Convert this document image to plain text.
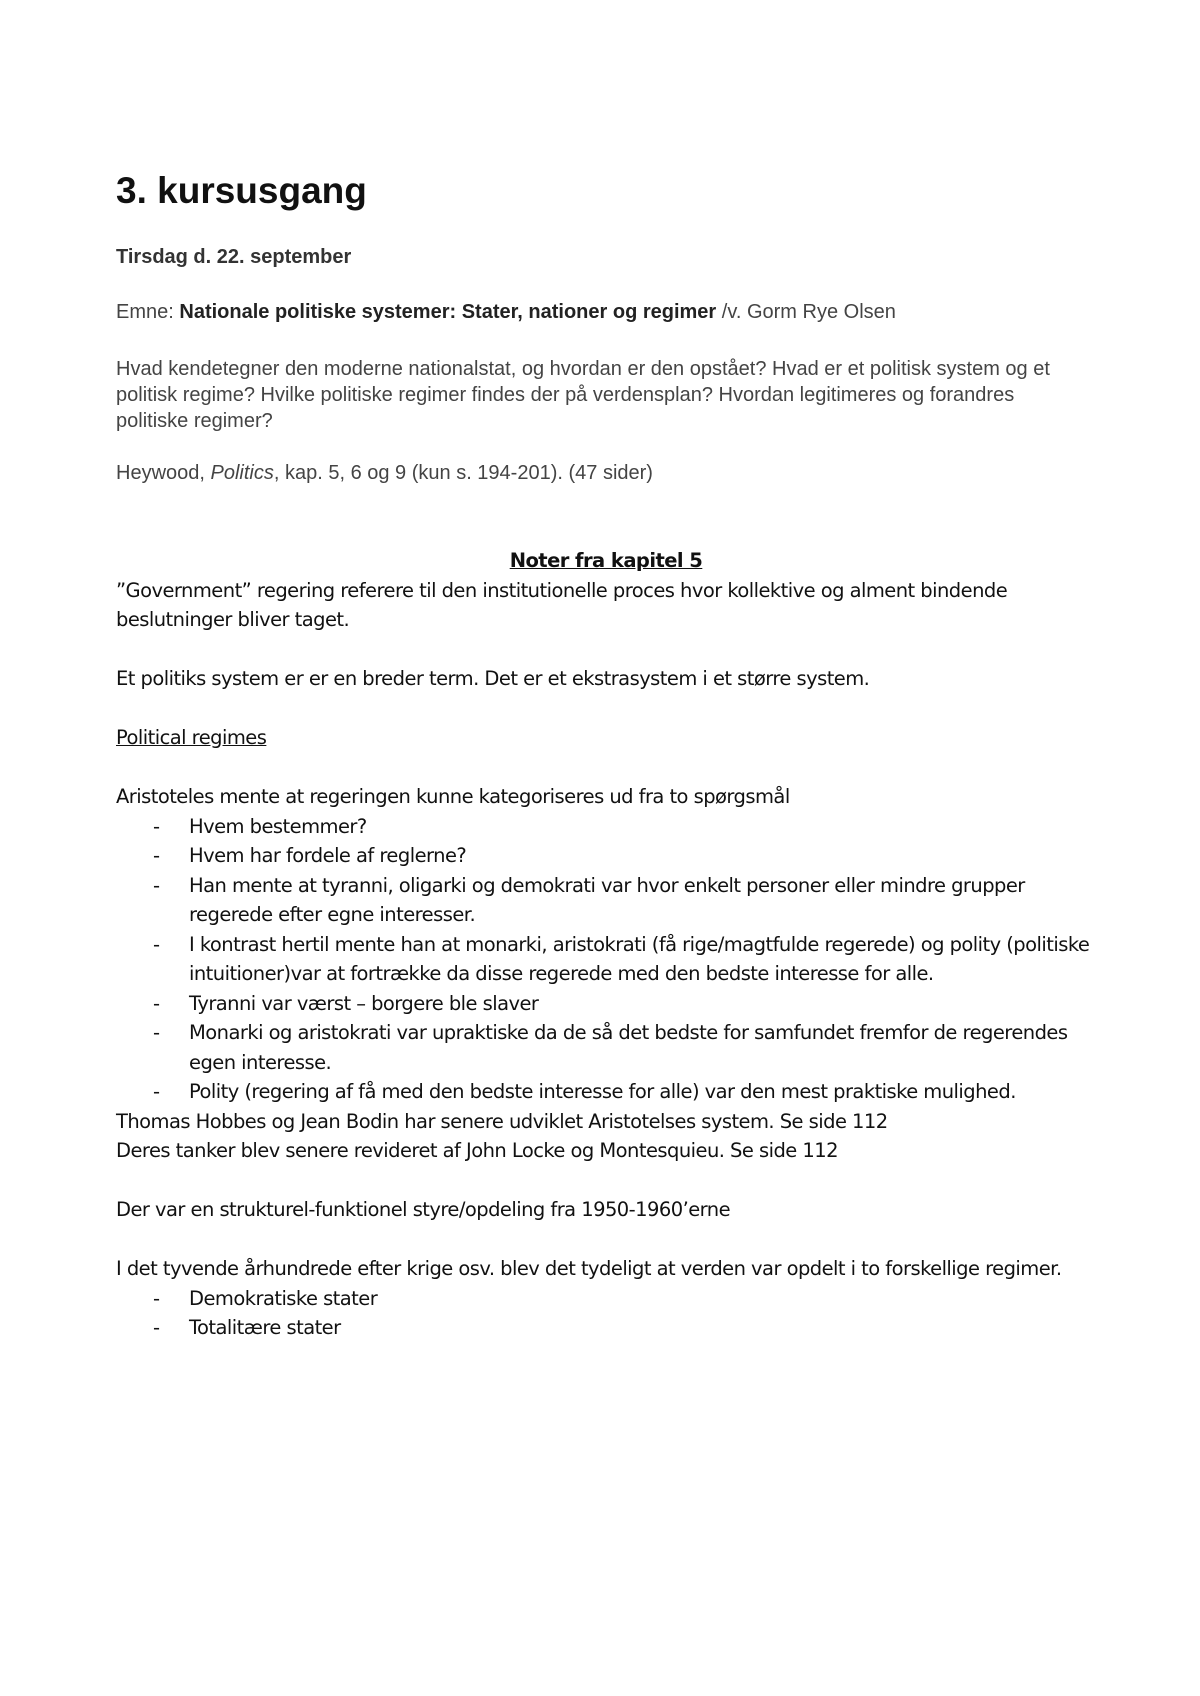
3. kursusgang
Tirsdag d. 22. september
Emne: Nationale politiske systemer: Stater, nationer og regimer /v. Gorm Rye Olsen
Hvad kendetegner den moderne nationalstat, og hvordan er den opstået? Hvad er et politisk system og et politisk regime? Hvilke politiske regimer findes der på verdensplan? Hvordan legitimeres og forandres politiske regimer?
Heywood, Politics, kap. 5, 6 og 9 (kun s. 194-201). (47 sider)

Noter fra kapitel 5

”Government” regering referere til den institutionelle proces hvor kollektive og alment bindende beslutninger bliver taget.

Et politiks system er er en breder term. Det er et ekstrasystem i et større system.

Political regimes

Aristoteles mente at regeringen kunne kategoriseres ud fra to spørgsmål

- Hvem bestemmer?
- Hvem har fordele af reglerne?
- Han mente at tyranni, oligarki og demokrati var hvor enkelt personer eller mindre grupper regerede efter egne interesser.
- I kontrast hertil mente han at monarki, aristokrati (få rige/magtfulde regerede) og polity (politiske intuitioner)var at fortrække da disse regerede med den bedste interesse for alle.
- Tyranni var værst – borgere ble slaver
- Monarki og aristokrati var upraktiske da de så det bedste for samfundet fremfor de regerendes egen interesse.
- Polity (regering af få med den bedste interesse for alle) var den mest praktiske mulighed.

Thomas Hobbes og Jean Bodin har senere udviklet Aristotelses system. Se side 112

Deres tanker blev senere revideret af John Locke og Montesquieu. Se side 112

Der var en strukturel-funktionel styre/opdeling fra 1950-1960’erne

I det tyvende århundrede efter krige osv. blev det tydeligt at verden var opdelt i to forskellige regimer.

- Demokratiske stater
- Totalitære stater
